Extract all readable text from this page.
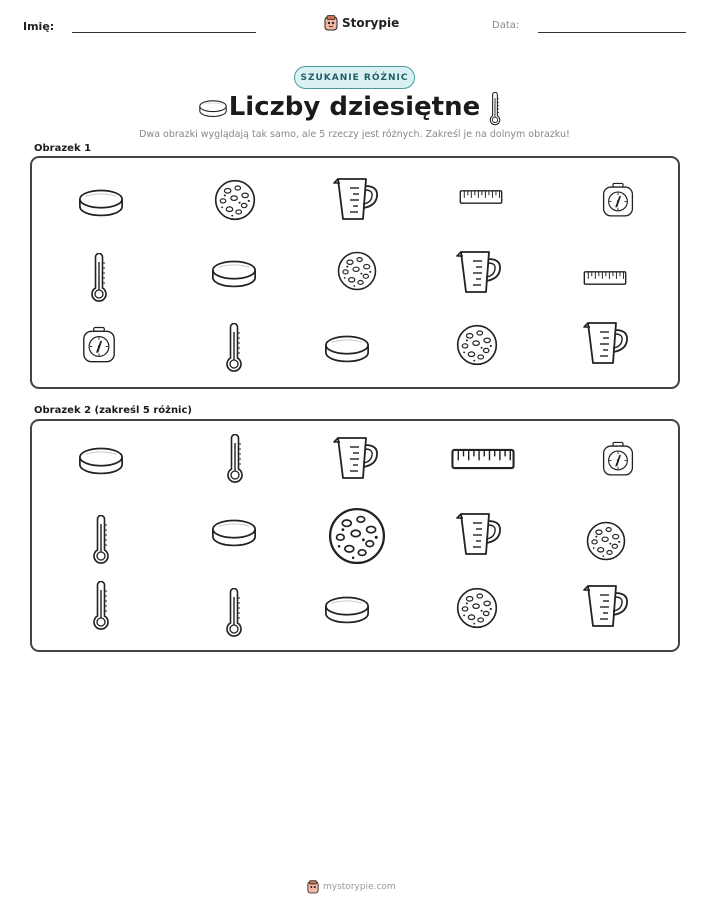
Imię:	Storypie	Data:
SZUKANIE RÓŻNIC
Liczby dziesiętne

Dwa obrazki wyglądają tak samo, ale 5 rzeczy jest różnych. Zakreśl je na dolnym obrazku!

Obrazek 1
Obrazek 2 (zakreśl 5 różnic)
mystorypie.com
